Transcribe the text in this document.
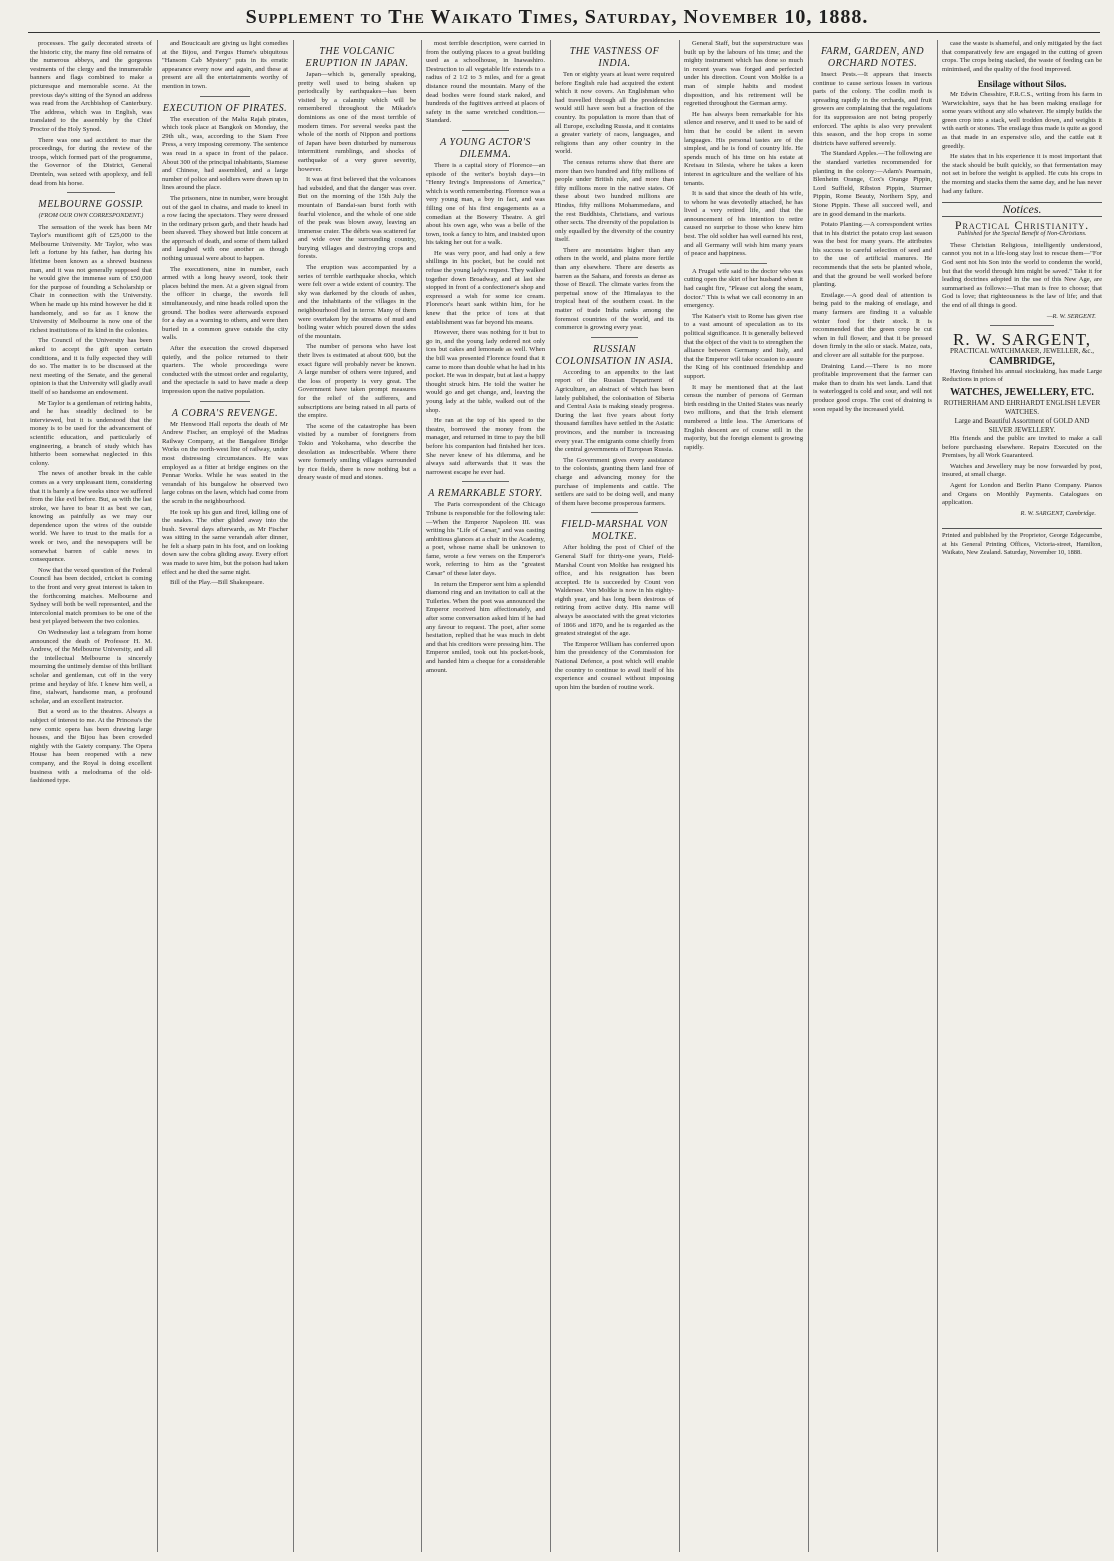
Supplement to The Waikato Times, Saturday, November 10, 1888.

processes. The gaily decorated streets of the historic city, the many fine old remains of the numerous abbeys, and the gorgeous vestments of the clergy and the innumerable banners and flags combined to make a picturesque and memorable scene. At the previous day's sitting of the Synod an address was read from the Archbishop of Canterbury. The address, which was in English, was translated to the assembly by the Chief Proctor of the Holy Synod.

There was one sad accident to mar the proceedings, for during the review of the troops, which formed part of the programme, the Governor of the District, General Drenteln, was seized with apoplexy, and fell dead from his horse.

MELBOURNE GOSSIP.
(FROM OUR OWN CORRESPONDENT.)

The sensation of the week has been Mr Taylor's munificent gift of £25,000 to the Melbourne University. Mr Taylor, who was left a fortune by his father, has during his lifetime been known as a shrewd business man, and it was not generally supposed that he would give the immense sum of £50,000 for the purpose of founding a Scholarship or Chair in connection with the University. When he made up his mind however he did it handsomely, and so far as I know the University of Melbourne is now one of the richest institutions of its kind in the colonies.

The Council of the University has been asked to accept the gift upon certain conditions, and it is fully expected they will do so. The matter is to be discussed at the next meeting of the Senate, and the general opinion is that the University will gladly avail itself of so handsome an endowment.

Mr Taylor is a gentleman of retiring habits, and he has steadily declined to be interviewed, but it is understood that the money is to be used for the advancement of scientific education, and particularly of engineering, a branch of study which has hitherto been somewhat neglected in this colony.

The news of another break in the cable comes as a very unpleasant item, considering that it is barely a few weeks since we suffered from the like evil before. But, as with the last stroke, we have to bear it as best we can, knowing as painfully as we may our dependence upon the wires of the outside world. We have to trust to the mails for a week or two, and the newspapers will be somewhat barren of cable news in consequence.

Now that the vexed question of the Federal Council has been decided, cricket is coming to the front and very great interest is taken in the forthcoming matches. Melbourne and Sydney will both be well represented, and the intercolonial match promises to be one of the best yet played between the two colonies.

On Wednesday last a telegram from home announced the death of Professor H. M. Andrew, of the Melbourne University, and all the intellectual Melbourne is sincerely mourning the untimely demise of this brilliant scholar and gentleman, cut off in the very prime and heyday of life. I knew him well, a fine, stalwart, handsome man, a profound scholar, and an excellent instructor.

But a word as to the theatres. Always a subject of interest to me. At the Princess's the new comic opera has been drawing large houses, and the Bijou has been crowded nightly with the Gaiety company. The Opera House has been reopened with a new company, and the Royal is doing excellent business with a melodrama of the old-fashioned type.

and Boucicault are giving us light comedies at the Bijou, and Fergus Hume's ubiquitous "Hansom Cab Mystery" puts in its erratic appearance every now and again, and these at present are all the entertainments worthy of mention in town.

EXECUTION OF PIRATES.

The execution of the Malta Rajah pirates, which took place at Bangkok on Monday, the 29th ult., was, according to the Siam Free Press, a very imposing ceremony. The sentence was read in a space in front of the palace. About 300 of the principal inhabitants, Siamese and Chinese, had assembled, and a large number of police and soldiers were drawn up in lines around the place.

The prisoners, nine in number, were brought out of the gaol in chains, and made to kneel in a row facing the spectators. They were dressed in the ordinary prison garb, and their heads had been shaved. They showed but little concern at the approach of death, and some of them talked and laughed with one another as though nothing unusual were about to happen.

The executioners, nine in number, each armed with a long heavy sword, took their places behind the men. At a given signal from the officer in charge, the swords fell simultaneously, and nine heads rolled upon the ground. The bodies were afterwards exposed for a day as a warning to others, and were then buried in a common grave outside the city walls.

After the execution the crowd dispersed quietly, and the police returned to their quarters. The whole proceedings were conducted with the utmost order and regularity, and the spectacle is said to have made a deep impression upon the native population.

A COBRA'S REVENGE.

Mr Henwood Hall reports the death of Mr Andrew Fischer, an employé of the Madras Railway Company, at the Bangalore Bridge Works on the north-west line of railway, under most distressing circumstances. He was employed as a fitter at bridge engines on the Pennar Works. While he was seated in the verandah of his bungalow he observed two large cobras on the lawn, which had come from the scrub in the neighbourhood.

He took up his gun and fired, killing one of the snakes. The other glided away into the bush. Several days afterwards, as Mr Fischer was sitting in the same verandah after dinner, he felt a sharp pain in his foot, and on looking down saw the cobra gliding away. Every effort was made to save him, but the poison had taken effect and he died the same night.

Bill of the Play.—Bill Shakespeare.

THE VOLCANIC ERUPTION IN JAPAN.

Japan—which is, generally speaking, pretty well used to being shaken up periodically by earthquakes—has been visited by a calamity which will be remembered throughout the Mikado's dominions as one of the most terrible of modern times. For several weeks past the whole of the north of Nippon and portions of Japan have been disturbed by numerous intermittent rumblings, and shocks of earthquake of a very grave severity, however.

It was at first believed that the volcanoes had subsided, and that the danger was over. But on the morning of the 15th July the mountain of Bandai-san burst forth with fearful violence, and the whole of one side of the peak was blown away, leaving an immense crater. The débris was scattered far and wide over the surrounding country, burying villages and destroying crops and forests.

The eruption was accompanied by a series of terrible earthquake shocks, which were felt over a wide extent of country. The sky was darkened by the clouds of ashes, and the inhabitants of the villages in the neighbourhood fled in terror. Many of them were overtaken by the streams of mud and boiling water which poured down the sides of the mountain.

The number of persons who have lost their lives is estimated at about 600, but the exact figure will probably never be known. A large number of others were injured, and the loss of property is very great. The Government have taken prompt measures for the relief of the sufferers, and subscriptions are being raised in all parts of the empire.

The scene of the catastrophe has been visited by a number of foreigners from Tokio and Yokohama, who describe the desolation as indescribable. Where there were formerly smiling villages surrounded by rice fields, there is now nothing but a dreary waste of mud and stones.

most terrible description, were carried in from the outlying places to a great building used as a schoolhouse, in Inawashiro. Destruction to all vegetable life extends to a radius of 2 1/2 to 3 miles, and for a great distance round the mountain. Many of the dead bodies were found stark naked, and hundreds of the fugitives arrived at places of safety in the same wretched condition.—Standard.

A YOUNG ACTOR'S DILEMMA.

There is a capital story of Florence—an episode of the writer's boyish days—in "Henry Irving's Impressions of America," which is worth remembering. Florence was a very young man, a boy in fact, and was filling one of his first engagements as a comedian at the Bowery Theatre. A girl about his own age, who was a belle of the town, took a fancy to him, and insisted upon his taking her out for a walk.

He was very poor, and had only a few shillings in his pocket, but he could not refuse the young lady's request. They walked together down Broadway, and at last she stopped in front of a confectioner's shop and expressed a wish for some ice cream. Florence's heart sank within him, for he knew that the price of ices at that establishment was far beyond his means.

However, there was nothing for it but to go in, and the young lady ordered not only ices but cakes and lemonade as well. When the bill was presented Florence found that it came to more than double what he had in his pocket. He was in despair, but at last a happy thought struck him. He told the waiter he would go and get change, and, leaving the young lady at the table, walked out of the shop.

He ran at the top of his speed to the theatre, borrowed the money from the manager, and returned in time to pay the bill before his companion had finished her ices. She never knew of his dilemma, and he always said afterwards that it was the narrowest escape he ever had.

A REMARKABLE STORY.

The Paris correspondent of the Chicago Tribune is responsible for the following tale:—When the Emperor Napoleon III. was writing his "Life of Cæsar," and was casting ambitious glances at a chair in the Academy, a poet, whose name shall be unknown to fame, wrote a few verses on the Emperor's work, referring to him as the "greatest Cæsar" of these later days.

In return the Emperor sent him a splendid diamond ring and an invitation to call at the Tuileries. When the poet was announced the Emperor received him affectionately, and after some conversation asked him if he had any favour to request. The poet, after some hesitation, replied that he was much in debt and that his creditors were pressing him. The Emperor smiled, took out his pocket-book, and handed him a cheque for a considerable amount.

THE VASTNESS OF INDIA.

Ten or eighty years at least were required before English rule had acquired the extent which it now covers. An Englishman who had travelled through all the presidencies would still have seen but a fraction of the country. Its population is more than that of all Europe, excluding Russia, and it contains a greater variety of races, languages, and religions than any other country in the world.

The census returns show that there are more than two hundred and fifty millions of people under British rule, and more than fifty millions more in the native states. Of these about two hundred millions are Hindus, fifty millions Mohammedans, and the rest Buddhists, Christians, and various other sects. The diversity of the population is only equalled by the diversity of the country itself.

There are mountains higher than any others in the world, and plains more fertile than any elsewhere. There are deserts as barren as the Sahara, and forests as dense as those of Brazil. The climate varies from the perpetual snow of the Himalayas to the tropical heat of the southern coast. In the matter of trade India ranks among the foremost countries of the world, and its commerce is growing every year.

RUSSIAN COLONISATION IN ASIA.

According to an appendix to the last report of the Russian Department of Agriculture, an abstract of which has been lately published, the colonisation of Siberia and Central Asia is making steady progress. During the last five years about forty thousand families have settled in the Asiatic provinces, and the number is increasing every year. The emigrants come chiefly from the central governments of European Russia.

The Government gives every assistance to the colonists, granting them land free of charge and advancing money for the purchase of implements and cattle. The settlers are said to be doing well, and many of them have become prosperous farmers.

FIELD-MARSHAL VON MOLTKE.

After holding the post of Chief of the General Staff for thirty-one years, Field-Marshal Count von Moltke has resigned his office, and his resignation has been accepted. He is succeeded by Count von Waldersee. Von Moltke is now in his eighty-eighth year, and has long been desirous of retiring from active duty. His name will always be associated with the great victories of 1866 and 1870, and he is regarded as the greatest strategist of the age.

The Emperor William has conferred upon him the presidency of the Commission for National Defence, a post which will enable the country to continue to avail itself of his experience and counsel without imposing upon him the burden of routine work.

General Staff, but the superstructure was built up by the labours of his time; and the mighty instrument which has done so much in recent years was forged and perfected under his direction. Count von Moltke is a man of simple habits and modest disposition, and his retirement will be regretted throughout the German army.

He has always been remarkable for his silence and reserve, and it used to be said of him that he could be silent in seven languages. His personal tastes are of the simplest, and he is fond of country life. He spends much of his time on his estate at Kreisau in Silesia, where he takes a keen interest in agriculture and the welfare of his tenants.

It is said that since the death of his wife, to whom he was devotedly attached, he has lived a very retired life, and that the announcement of his intention to retire caused no surprise to those who knew him best. The old soldier has well earned his rest, and all Germany will wish him many years of peace and happiness.

A Frugal wife said to the doctor who was cutting open the skirt of her husband when it had caught fire, "Please cut along the seam, doctor." This is what we call economy in an emergency.

The Kaiser's visit to Rome has given rise to a vast amount of speculation as to its political significance. It is generally believed that the object of the visit is to strengthen the alliance between Germany and Italy, and that the Emperor will take occasion to assure the King of his continued friendship and support.

It may be mentioned that at the last census the number of persons of German birth residing in the United States was nearly two millions, and that the Irish element numbered a little less. The Americans of English descent are of course still in the majority, but the foreign element is growing rapidly.

FARM, GARDEN, AND ORCHARD NOTES.

Insect Pests.—It appears that insects continue to cause serious losses in various parts of the colony. The codlin moth is spreading rapidly in the orchards, and fruit growers are complaining that the regulations for its suppression are not being properly enforced. The aphis is also very prevalent this season, and the hop crops in some districts have suffered severely.

The Standard Apples.—The following are the standard varieties recommended for planting in the colony:—Adam's Pearmain, Blenheim Orange, Cox's Orange Pippin, Lord Suffield, Ribston Pippin, Sturmer Pippin, Rome Beauty, Northern Spy, and Stone Pippin. These all succeed well, and are in good demand in the markets.

Potato Planting.—A correspondent writes that in his district the potato crop last season was the best for many years. He attributes his success to careful selection of seed and to the use of artificial manures. He recommends that the sets be planted whole, and that the ground be well worked before planting.

Ensilage.—A good deal of attention is being paid to the making of ensilage, and many farmers are finding it a valuable winter food for their stock. It is recommended that the green crop be cut when in full flower, and that it be pressed down firmly in the silo or stack. Maize, oats, and clover are all suitable for the purpose.

Draining Land.—There is no more profitable improvement that the farmer can make than to drain his wet lands. Land that is waterlogged is cold and sour, and will not produce good crops. The cost of draining is soon repaid by the increased yield.

case the waste is shameful, and only mitigated by the fact that comparatively few are engaged in the cutting of green crops. The crops being stacked, the waste of feeding can be minimised, and the quality of the food improved.

Ensilage without Silos.

Mr Edwin Chesshire, F.R.C.S., writing from his farm in Warwickshire, says that he has been making ensilage for some years without any silo whatever. He simply builds the green crop into a stack, well trodden down, and weights it with earth or stones. The ensilage thus made is quite as good as that made in an expensive silo, and the cattle eat it greedily.

He states that in his experience it is most important that the stack should be built quickly, so that fermentation may not set in before the weight is applied. He cuts his crops in the morning and stacks them the same day, and he has never had any failure.

Notices.
Practical Christianity.
Published for the Special Benefit of Non-Christians.

These Christian Religious, intelligently understood, cannot you not in a life-long stay lost to rescue them—"For God sent not his Son into the world to condemn the world, but that the world through him might be saved." Take it for leading doctrines adopted in the use of this New Age, are summarised as follows:—That man is free to choose; that God is love; that righteousness is the law of life; and that the end of all things is good.

—R. W. SERGENT.
R. W. SARGENT,
PRACTICAL WATCHMAKER, JEWELLER, &c.,
CAMBRIDGE,

Having finished his annual stocktaking, has made Large Reductions in prices of

WATCHES, JEWELLERY, ETC.
ROTHERHAM AND EHRHARDT ENGLISH LEVER WATCHES.
Large and Beautiful Assortment of GOLD AND SILVER JEWELLERY.

His friends and the public are invited to make a call before purchasing elsewhere. Repairs Executed on the Premises, by all Work Guaranteed.

Watches and Jewellery may be now forwarded by post, insured, at small charge.

Agent for London and Berlin Piano Company. Pianos and Organs on Monthly Payments. Catalogues on application.

R. W. SARGENT, Cambridge.
Printed and published by the Proprietor, George Edgecumbe, at his General Printing Offices, Victoria-street, Hamilton, Waikato, New Zealand. Saturday, November 10, 1888.
